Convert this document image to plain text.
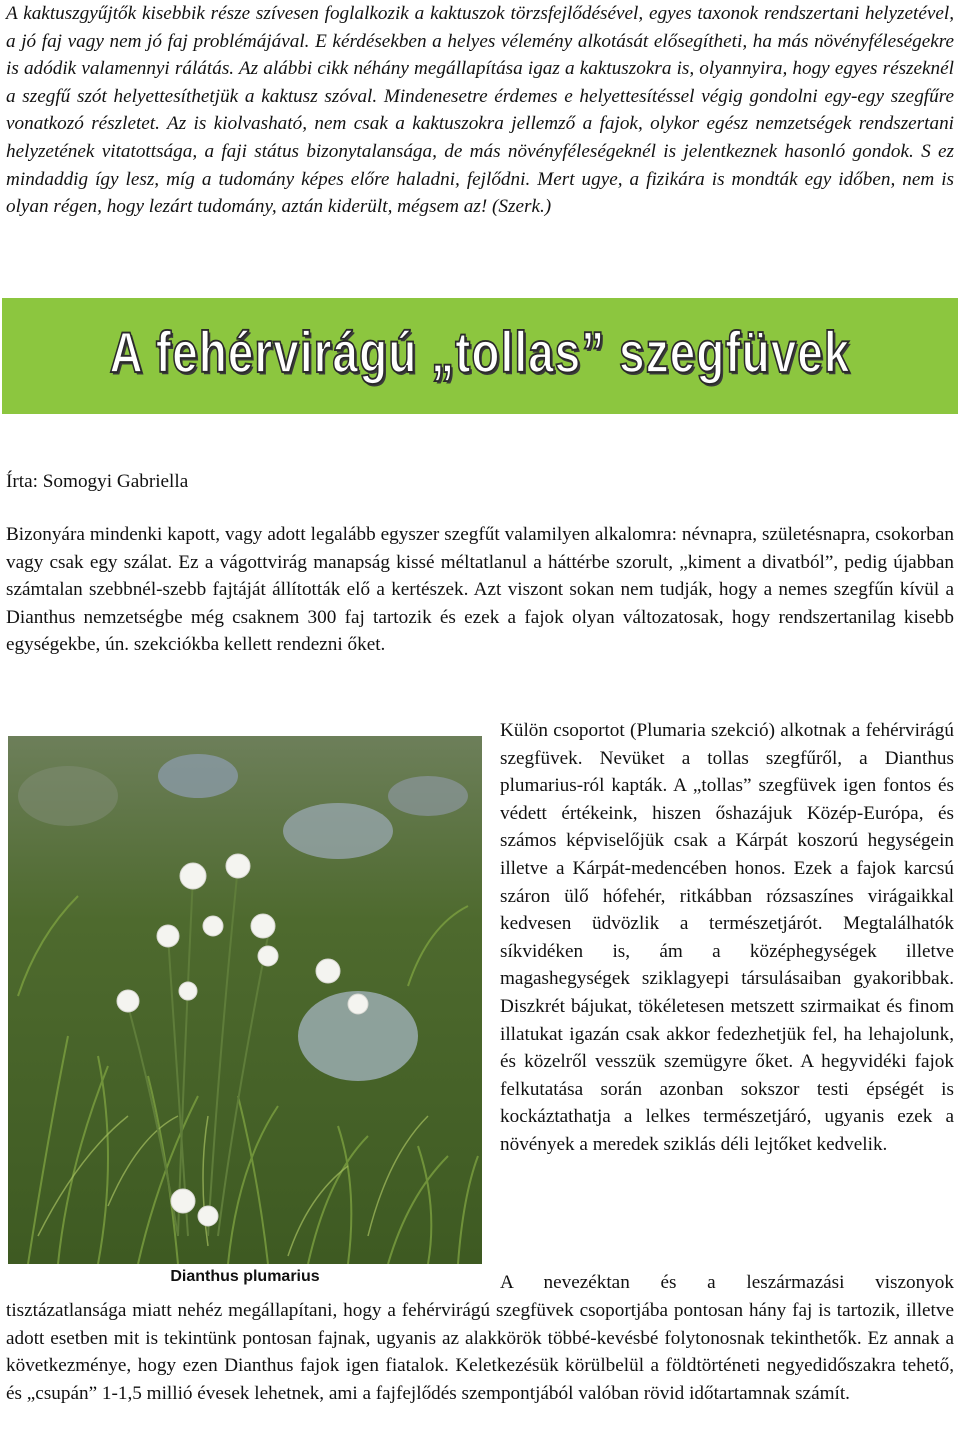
A kaktuszgyűjtők kisebbik része szívesen foglalkozik a kaktuszok törzsfejlődésével, egyes taxonok rendszertani helyzetével, a jó faj vagy nem jó faj problémájával. E kérdésekben a helyes vélemény alkotását elősegítheti, ha más növényféleségekre is adódik valamennyi rálátás. Az alábbi cikk néhány megállapítása igaz a kaktuszokra is, olyannyira, hogy egyes részeknél a szegfű szót helyettesíthetjük a kaktusz szóval. Mindenesetre érdemes e helyettesítéssel végig gondolni egy-egy szegfűre vonatkozó részletet. Az is kiolvasható, nem csak a kaktuszokra jellemző a fajok, olykor egész nemzetségek rendszertani helyzetének vitatottsága, a faji státus bizonytalansága, de más növényféleségeknél is jelentkeznek hasonló gondok. S ez mindaddig így lesz, míg a tudomány képes előre haladni, fejlődni. Mert ugye, a fizikára is mondták egy időben, nem is olyan régen, hogy lezárt tudomány, aztán kiderült, mégsem az! (Szerk.)

A fehérvirágú „tollas” szegfüvek
Írta: Somogyi Gabriella

Bizonyára mindenki kapott, vagy adott legalább egyszer szegfűt valamilyen alkalomra: névnapra, születésnapra, csokorban vagy csak egy szálat. Ez a vágottvirág manapság kissé méltatlanul a háttérbe szorult, „kiment a divatból”, pedig újabban számtalan szebbnél-szebb fajtáját állították elő a kertészek. Azt viszont sokan nem tudják, hogy a nemes szegfűn kívül a Dianthus nemzetségbe még csaknem 300 faj tartozik és ezek a fajok olyan változatosak, hogy rendszertanilag kisebb egységekbe, ún. szekciókba kellett rendezni őket.

Dianthus plumarius

Külön csoportot (Plumaria szekció) alkotnak a fehérvirágú szegfüvek. Nevüket a tollas szegfűről, a Dianthus plumarius-ról kapták. A „tollas” szegfüvek igen fontos és védett értékeink, hiszen őshazájuk Közép-Európa, és számos képviselőjük csak a Kárpát koszorú hegységein illetve a Kárpát-medencében honos. Ezek a fajok karcsú száron ülő hófehér, ritkábban rózsaszínes virágaikkal kedvesen üdvözlik a természetjárót. Megtalálhatók síkvidéken is, ám a középhegységek illetve magashegységek sziklagyepi társulásaiban gyakoribbak. Diszkrét bájukat, tökéletesen metszett szirmaikat és finom illatukat igazán csak akkor fedezhetjük fel, ha lehajolunk, és közelről vesszük szemügyre őket. A hegyvidéki fajok felkutatása során azonban sokszor testi épségét is kockáztathatja a lelkes természetjáró, ugyanis ezek a növények a meredek sziklás déli lejtőket kedvelik.

A nevezéktan és a leszármazási viszonyok

tisztázatlansága miatt nehéz megállapítani, hogy a fehérvirágú szegfüvek csoportjába pontosan hány faj is tartozik, illetve adott esetben mit is tekintünk pontosan fajnak, ugyanis az alakkörök többé-kevésbé folytonosnak tekinthetők. Ez annak a következménye, hogy ezen Dianthus fajok igen fiatalok. Keletkezésük körülbelül a földtörténeti negyedidőszakra tehető, és „csupán” 1-1,5 millió évesek lehetnek, ami a fajfejlődés szempontjából valóban rövid időtartamnak számít.
